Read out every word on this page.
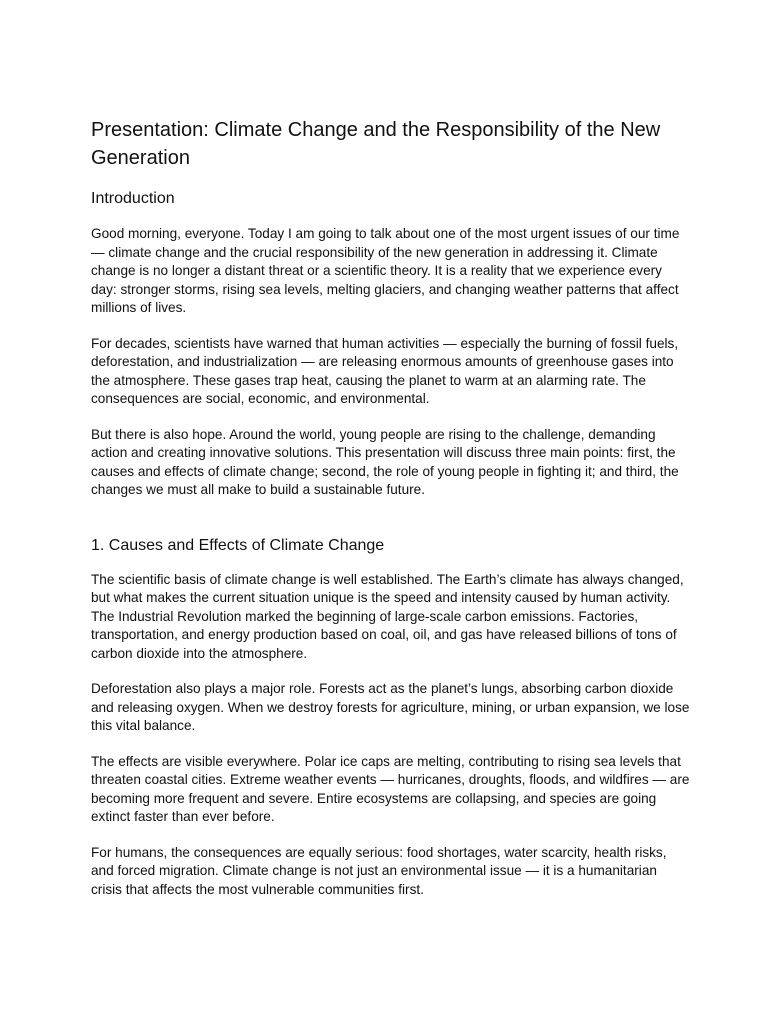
Presentation: Climate Change and the Responsibility of the New Generation
Introduction

Good morning, everyone. Today I am going to talk about one of the most urgent issues of our time — climate change and the crucial responsibility of the new generation in addressing it. Climate change is no longer a distant threat or a scientific theory. It is a reality that we experience every day: stronger storms, rising sea levels, melting glaciers, and changing weather patterns that affect millions of lives.

For decades, scientists have warned that human activities — especially the burning of fossil fuels, deforestation, and industrialization — are releasing enormous amounts of greenhouse gases into the atmosphere. These gases trap heat, causing the planet to warm at an alarming rate. The consequences are social, economic, and environmental.

But there is also hope. Around the world, young people are rising to the challenge, demanding action and creating innovative solutions. This presentation will discuss three main points: first, the causes and effects of climate change; second, the role of young people in fighting it; and third, the changes we must all make to build a sustainable future.

1. Causes and Effects of Climate Change

The scientific basis of climate change is well established. The Earth’s climate has always changed, but what makes the current situation unique is the speed and intensity caused by human activity. The Industrial Revolution marked the beginning of large-scale carbon emissions. Factories, transportation, and energy production based on coal, oil, and gas have released billions of tons of carbon dioxide into the atmosphere.

Deforestation also plays a major role. Forests act as the planet’s lungs, absorbing carbon dioxide and releasing oxygen. When we destroy forests for agriculture, mining, or urban expansion, we lose this vital balance.

The effects are visible everywhere. Polar ice caps are melting, contributing to rising sea levels that threaten coastal cities. Extreme weather events — hurricanes, droughts, floods, and wildfires — are becoming more frequent and severe. Entire ecosystems are collapsing, and species are going extinct faster than ever before.

For humans, the consequences are equally serious: food shortages, water scarcity, health risks, and forced migration. Climate change is not just an environmental issue — it is a humanitarian crisis that affects the most vulnerable communities first.
